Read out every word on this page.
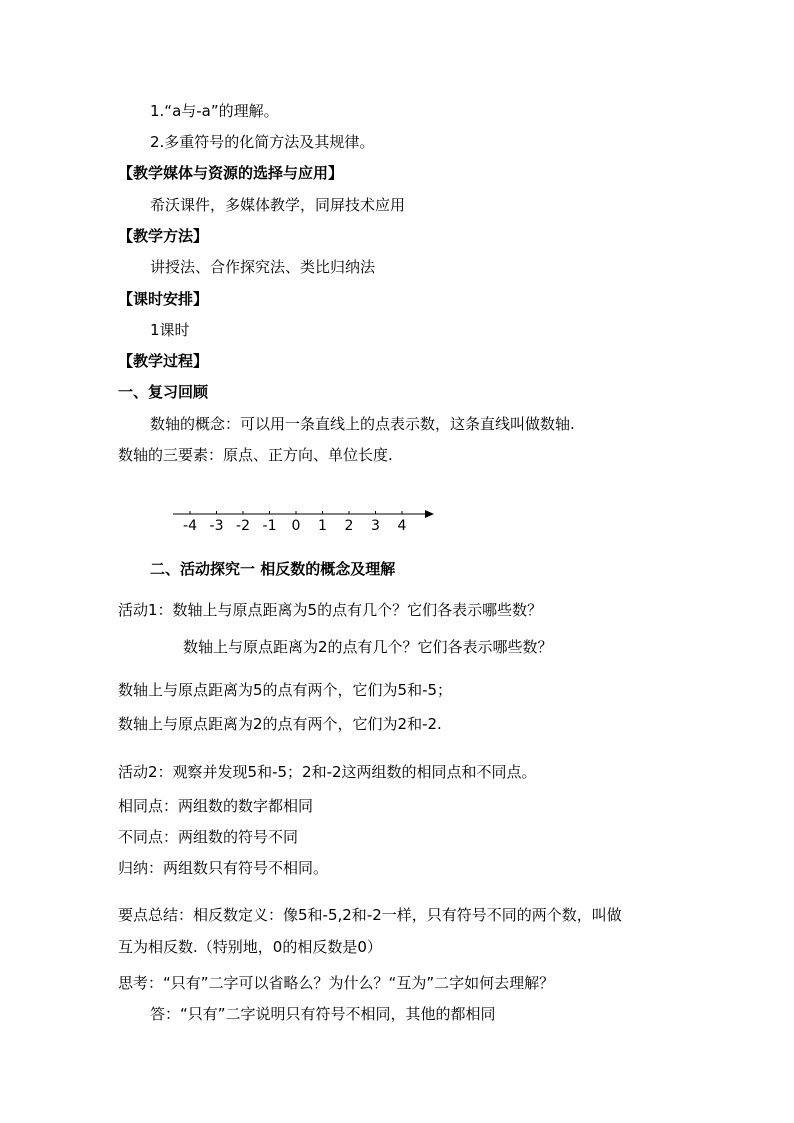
1.“a与-a”的理解。
2.多重符号的化简方法及其规律。
【教学媒体与资源的选择与应用】
希沃课件，多媒体教学，同屏技术应用
【教学方法】
讲授法、合作探究法、类比归纳法
【课时安排】
1课时
【教学过程】
一、复习回顾
数轴的概念：可以用一条直线上的点表示数，这条直线叫做数轴.
数轴的三要素：原点、正方向、单位长度.
-4 -3 -2 -1 0 1 2 3 4
二、活动探究一 相反数的概念及理解
活动1：数轴上与原点距离为5的点有几个？它们各表示哪些数？
数轴上与原点距离为2的点有几个？它们各表示哪些数？
数轴上与原点距离为5的点有两个，它们为5和-5；
数轴上与原点距离为2的点有两个，它们为2和-2.
活动2：观察并发现5和-5；2和-2这两组数的相同点和不同点。
相同点：两组数的数字都相同
不同点：两组数的符号不同
归纳：两组数只有符号不相同。
要点总结：相反数定义：像5和-5,2和-2一样，只有符号不同的两个数，叫做
互为相反数.（特别地，0的相反数是0）
思考：“只有”二字可以省略么？为什么？“互为”二字如何去理解？
答：“只有”二字说明只有符号不相同，其他的都相同
